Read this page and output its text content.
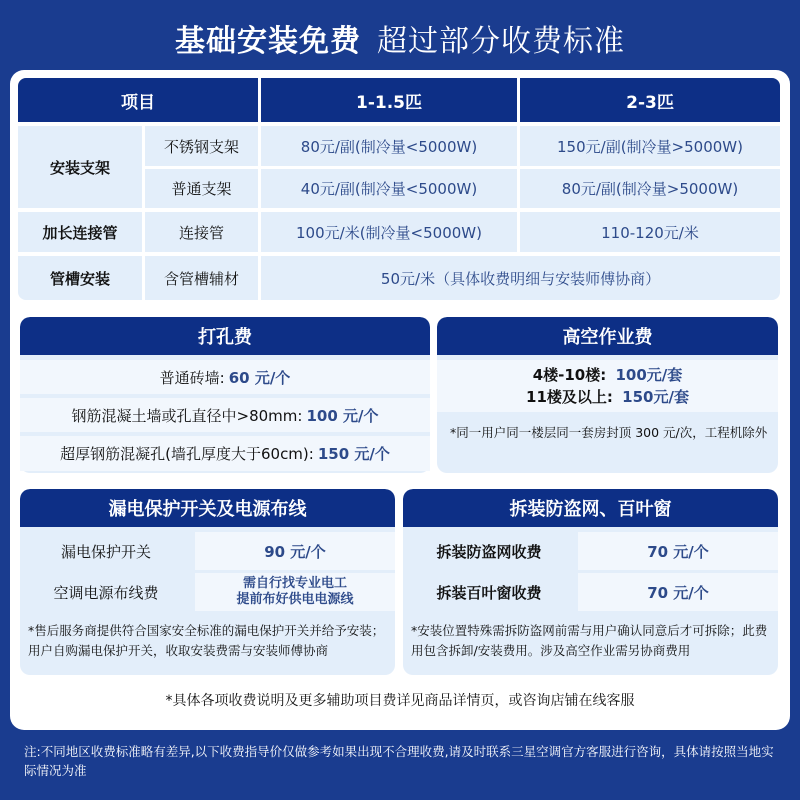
基础安装免费 超过部分收费标准
项目	1-1.5匹	2-3匹
安装支架
不锈钢支架	80元/副(制冷量<5000W)	150元/副(制冷量>5000W)
普通支架	40元/副(制冷量<5000W)	80元/副(制冷量>5000W)
加长连接管	连接管	100元/米(制冷量<5000W)	110-120元/米
管槽安装	含管槽辅材	50元/米（具体收费明细与安装师傅协商）
打孔费
普通砖墙: 60 元/个
钢筋混凝土墙或孔直径中>80mm: 100 元/个
超厚钢筋混凝孔(墙孔厚度大于60cm): 150 元/个
高空作业费
4楼-10楼: 100元/套
11楼及以上: 150元/套
*同一用户同一楼层同一套房封顶 300 元/次，工程机除外
漏电保护开关及电源布线
漏电保护开关	90 元/个
空调电源布线费	需自行找专业电工
提前布好供电电源线
*售后服务商提供符合国家安全标准的漏电保护开关并给予安装；用户自购漏电保护开关，收取安装费需与安装师傅协商
拆装防盗网、百叶窗
拆装防盗网收费	70 元/个
拆装百叶窗收费	70 元/个
*安装位置特殊需拆防盗网前需与用户确认同意后才可拆除；此费用包含拆卸/安装费用。涉及高空作业需另协商费用
*具体各项收费说明及更多辅助项目费详见商品详情页，或咨询店铺在线客服
注:不同地区收费标准略有差异,以下收费指导价仅做参考如果出现不合理收费,请及时联系三星空调官方客服进行咨询，具体请按照当地实际情况为准
